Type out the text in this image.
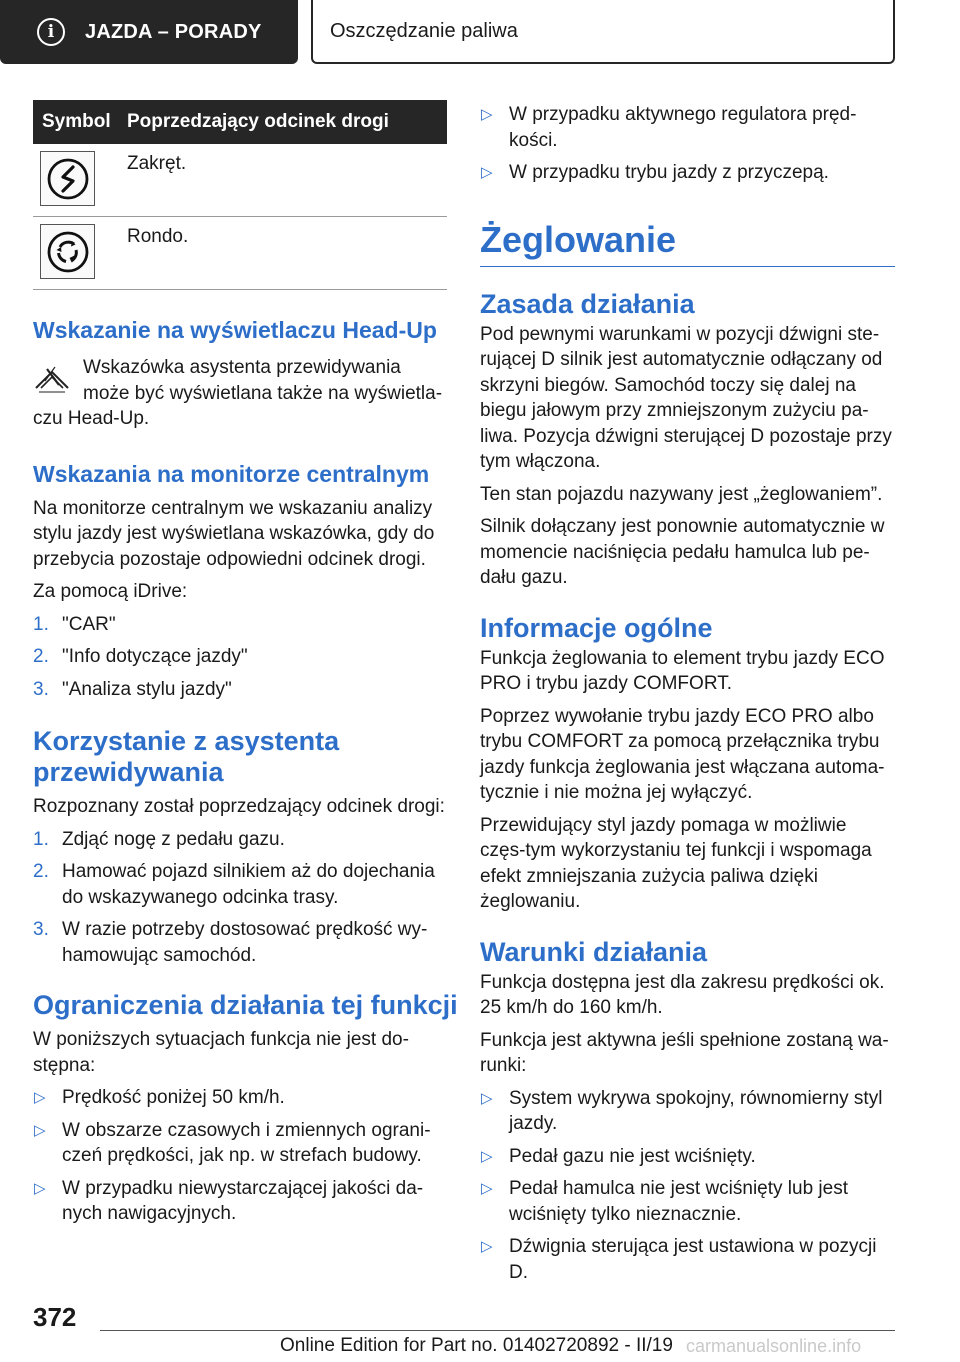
i	JAZDA – PORADY	Oszczędzanie paliwa
Symbol	Poprzedzający odcinek drogi

	Zakręt.

	Rondo.
Wskazanie na wyświetlaczu Head-Up
Wskazówka asystenta przewidywania
może być wyświetlana także na wyświetla-
czu Head-Up.
Wskazania na monitorze centralnym
Na monitorze centralnym we wskazaniu analizy stylu jazdy jest wyświetlana wskazówka, gdy do przebycia pozostaje odpowiedni odcinek drogi.
Za pomocą iDrive:
1. "CAR"
2. "Info dotyczące jazdy"
3. "Analiza stylu jazdy"
Korzystanie z asystenta przewidywania
Rozpoznany został poprzedzający odcinek drogi:
1. Zdjąć nogę z pedału gazu.
2. Hamować pojazd silnikiem aż do dojechania do wskazywanego odcinka trasy.
3. W razie potrzeby dostosować prędkość wy-hamowując samochód.
Ograniczenia działania tej funkcji
W poniższych sytuacjach funkcja nie jest do-stępna:
▷ Prędkość poniżej 50 km/h.
▷ W obszarze czasowych i zmiennych ograni-czeń prędkości, jak np. w strefach budowy.
▷ W przypadku niewystarczającej jakości da-nych nawigacyjnych.
▷ W przypadku aktywnego regulatora pręd-kości.
▷ W przypadku trybu jazdy z przyczepą.
Żeglowanie
Zasada działania
Pod pewnymi warunkami w pozycji dźwigni ste-rującej D silnik jest automatycznie odłączany od skrzyni biegów. Samochód toczy się dalej na biegu jałowym przy zmniejszonym zużyciu pa-liwa. Pozycja dźwigni sterującej D pozostaje przy tym włączona.
Ten stan pojazdu nazywany jest „żeglowaniem”.
Silnik dołączany jest ponownie automatycznie w momencie naciśnięcia pedału hamulca lub pe-dału gazu.
Informacje ogólne
Funkcja żeglowania to element trybu jazdy ECO PRO i trybu jazdy COMFORT.
Poprzez wywołanie trybu jazdy ECO PRO albo trybu COMFORT za pomocą przełącznika trybu jazdy funkcja żeglowania jest włączana automa-tycznie i nie można jej wyłączyć.
Przewidujący styl jazdy pomaga w możliwie częs-tym wykorzystaniu tej funkcji i wspomaga efekt zmniejszania zużycia paliwa dzięki żeglowaniu.
Warunki działania
Funkcja dostępna jest dla zakresu prędkości ok. 25 km/h do 160 km/h.
Funkcja jest aktywna jeśli spełnione zostaną wa-runki:
▷ System wykrywa spokojny, równomierny styl jazdy.
▷ Pedał gazu nie jest wciśnięty.
▷ Pedał hamulca nie jest wciśnięty lub jest wciśnięty tylko nieznacznie.
▷ Dźwignia sterująca jest ustawiona w pozycji D.
372
Online Edition for Part no. 01402720892 - II/19 carmanualsonline.info
